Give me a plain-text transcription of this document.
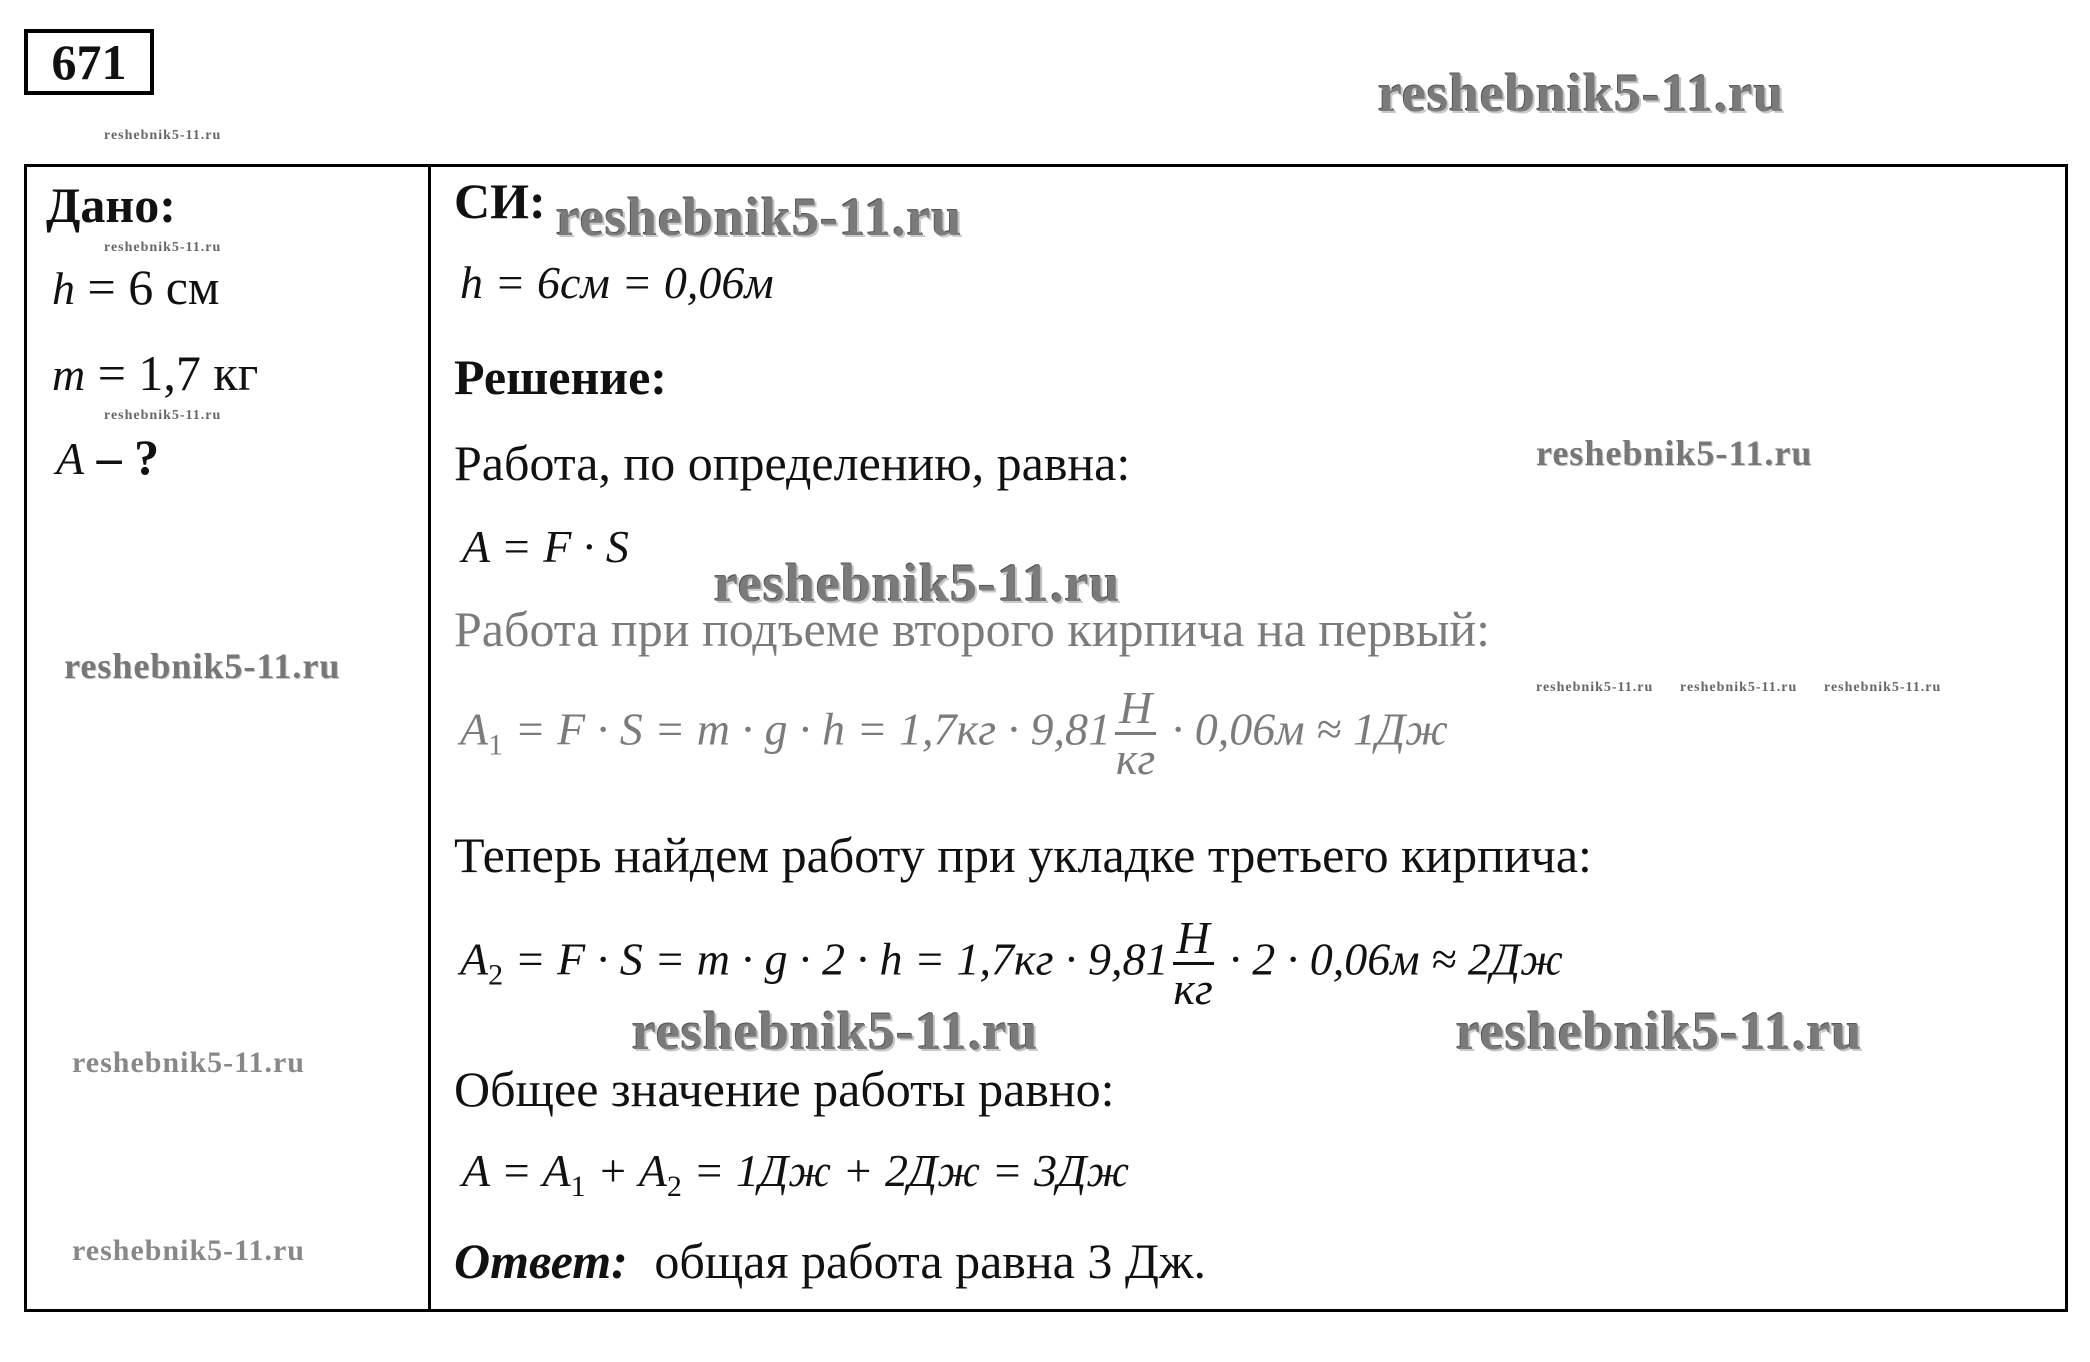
671
reshebnik5-11.ru
reshebnik5-11.ru
Дано:
reshebnik5-11.ru
h = 6 см
m = 1,7 кг
reshebnik5-11.ru
A – ?
reshebnik5-11.ru
reshebnik5-11.ru
reshebnik5-11.ru
СИ: reshebnik5-11.ru
h = 6см = 0,06м
Решение:
Работа, по определению, равна:	reshebnik5-11.ru
A = F · S
reshebnik5-11.ru
Работа при подъеме второго кирпича на первый:
reshebnik5-11.ru reshebnik5-11.ru reshebnik5-11.ru
$A_1 = F \cdot S = m \cdot g \cdot h = 1,7кг \cdot 9,81 \frac{H}{кг} \cdot 0,06м \approx 1Дж$
Теперь найдем работу при укладке третьего кирпича:
$A_2 = F \cdot S = m \cdot g \cdot 2 \cdot h = 1,7кг \cdot 9,81 \frac{H}{кг} \cdot 2 \cdot 0,06м \approx 2Дж$
reshebnik5-11.ru	reshebnik5-11.ru
Общее значение работы равно:
$A = A_1 + A_2 = 1Дж + 2Дж = 3Дж$
Ответ: общая работа равна 3 Дж.
